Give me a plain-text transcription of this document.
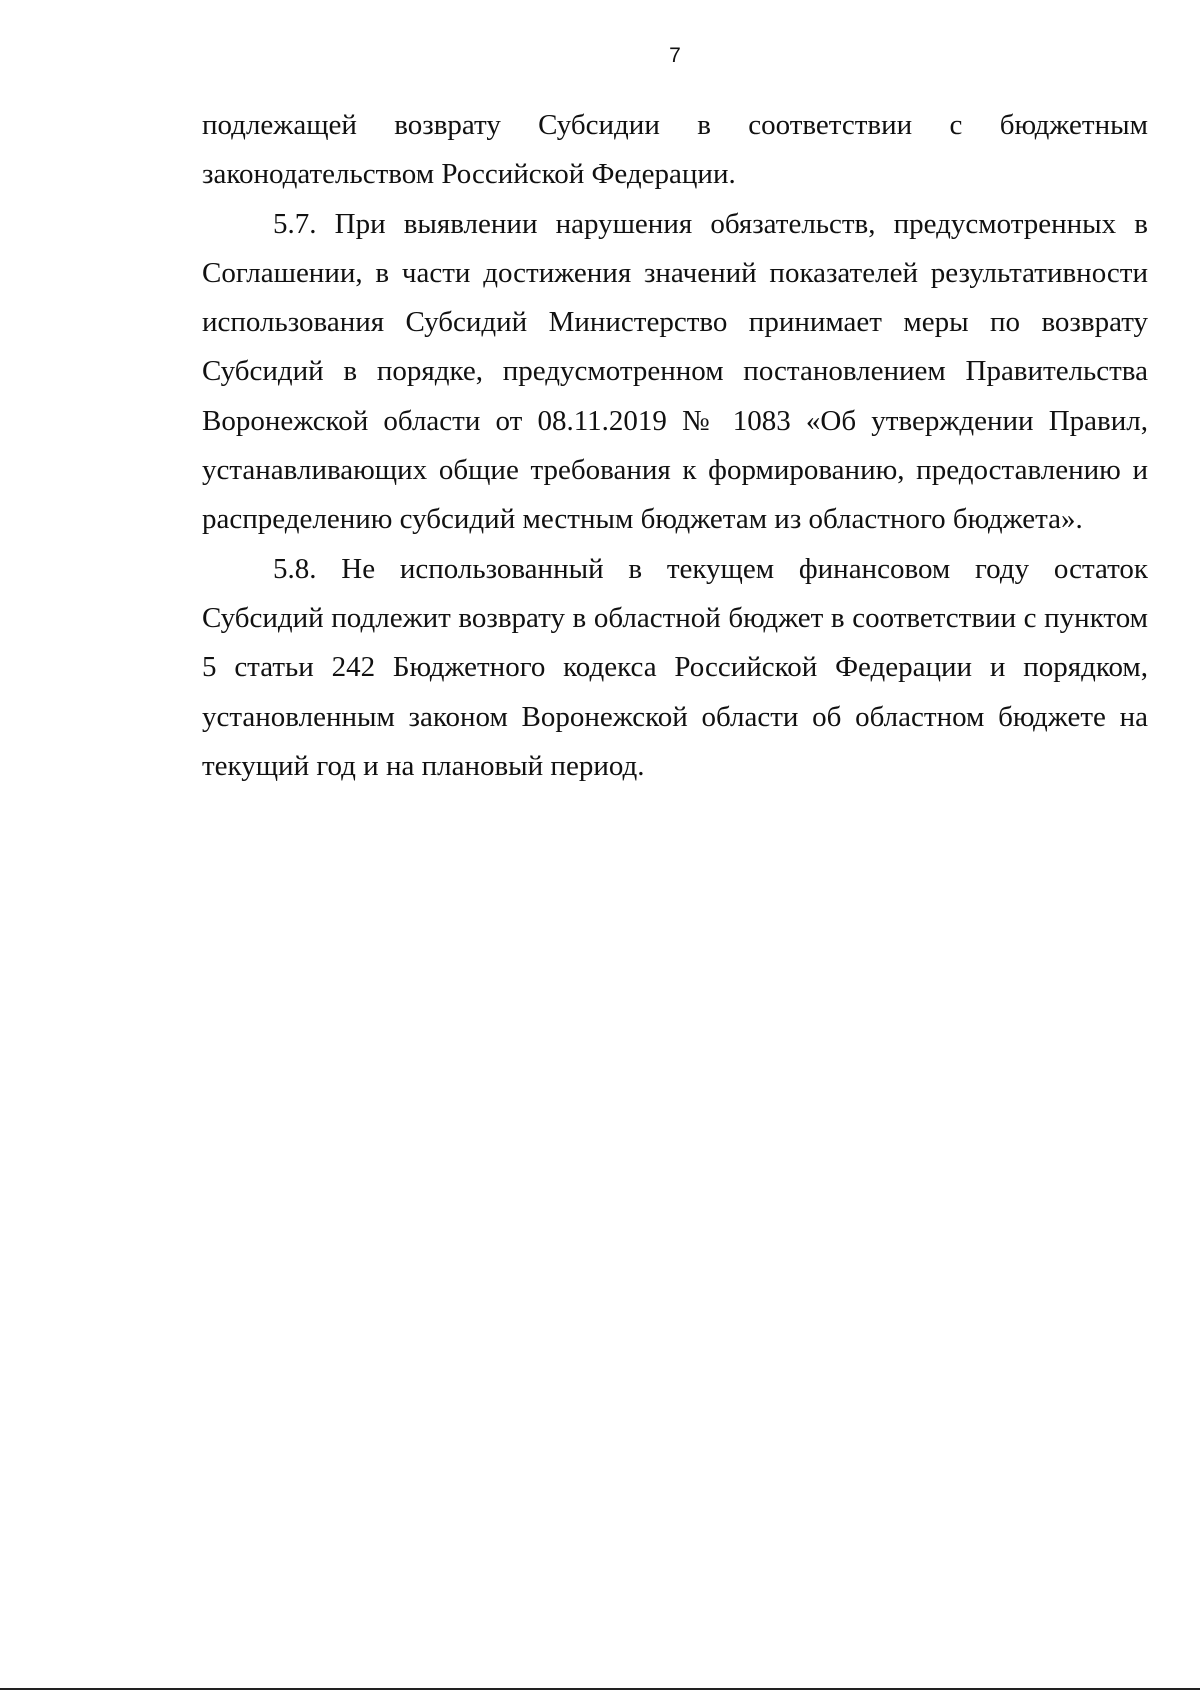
7
подлежащей возврату Субсидии в соответствии с бюджетным

законодательством Российской Федерации.

5.7. При выявлении нарушения обязательств, предусмотренных в Соглашении, в части достижения значений показателей результативности использования Субсидий Министерство принимает меры по возврату Субсидий в порядке, предусмотренном постановлением Правительства Воронежской области от 08.11.2019 № 1083 «Об утверждении Правил, устанавливающих общие требования к формированию, предоставлению и распределению субсидий местным бюджетам из областного бюджета».

5.8. Не использованный в текущем финансовом году остаток Субсидий подлежит возврату в областной бюджет в соответствии с пунктом 5 статьи 242 Бюджетного кодекса Российской Федерации и порядком, установленным законом Воронежской области об областном бюджете на текущий год и на плановый период.
